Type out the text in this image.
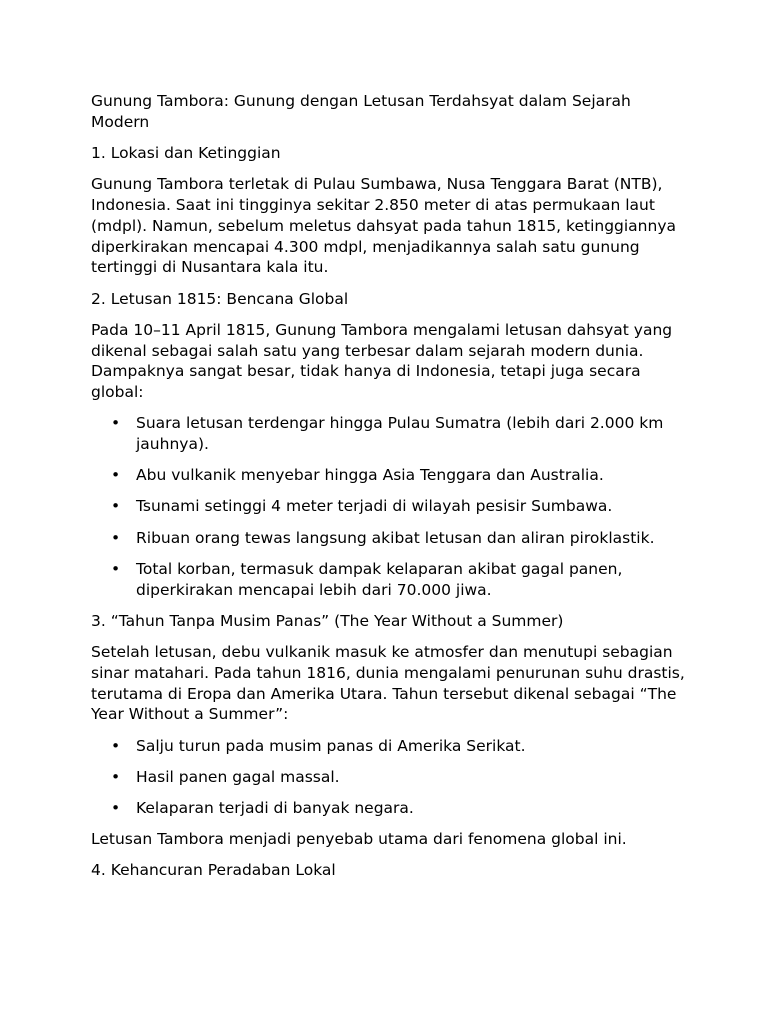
Gunung Tambora: Gunung dengan Letusan Terdahsyat dalam Sejarah Modern

1. Lokasi dan Ketinggian

Gunung Tambora terletak di Pulau Sumbawa, Nusa Tenggara Barat (NTB), Indonesia. Saat ini tingginya sekitar 2.850 meter di atas permukaan laut (mdpl). Namun, sebelum meletus dahsyat pada tahun 1815, ketinggiannya diperkirakan mencapai 4.300 mdpl, menjadikannya salah satu gunung tertinggi di Nusantara kala itu.

2. Letusan 1815: Bencana Global

Pada 10–11 April 1815, Gunung Tambora mengalami letusan dahsyat yang dikenal sebagai salah satu yang terbesar dalam sejarah modern dunia. Dampaknya sangat besar, tidak hanya di Indonesia, tetapi juga secara global:

• Suara letusan terdengar hingga Pulau Sumatra (lebih dari 2.000 km jauhnya).
• Abu vulkanik menyebar hingga Asia Tenggara dan Australia.
• Tsunami setinggi 4 meter terjadi di wilayah pesisir Sumbawa.
• Ribuan orang tewas langsung akibat letusan dan aliran piroklastik.
• Total korban, termasuk dampak kelaparan akibat gagal panen, diperkirakan mencapai lebih dari 70.000 jiwa.

3. “Tahun Tanpa Musim Panas” (The Year Without a Summer)

Setelah letusan, debu vulkanik masuk ke atmosfer dan menutupi sebagian sinar matahari. Pada tahun 1816, dunia mengalami penurunan suhu drastis, terutama di Eropa dan Amerika Utara. Tahun tersebut dikenal sebagai “The Year Without a Summer”:

• Salju turun pada musim panas di Amerika Serikat.
• Hasil panen gagal massal.
• Kelaparan terjadi di banyak negara.

Letusan Tambora menjadi penyebab utama dari fenomena global ini.

4. Kehancuran Peradaban Lokal
